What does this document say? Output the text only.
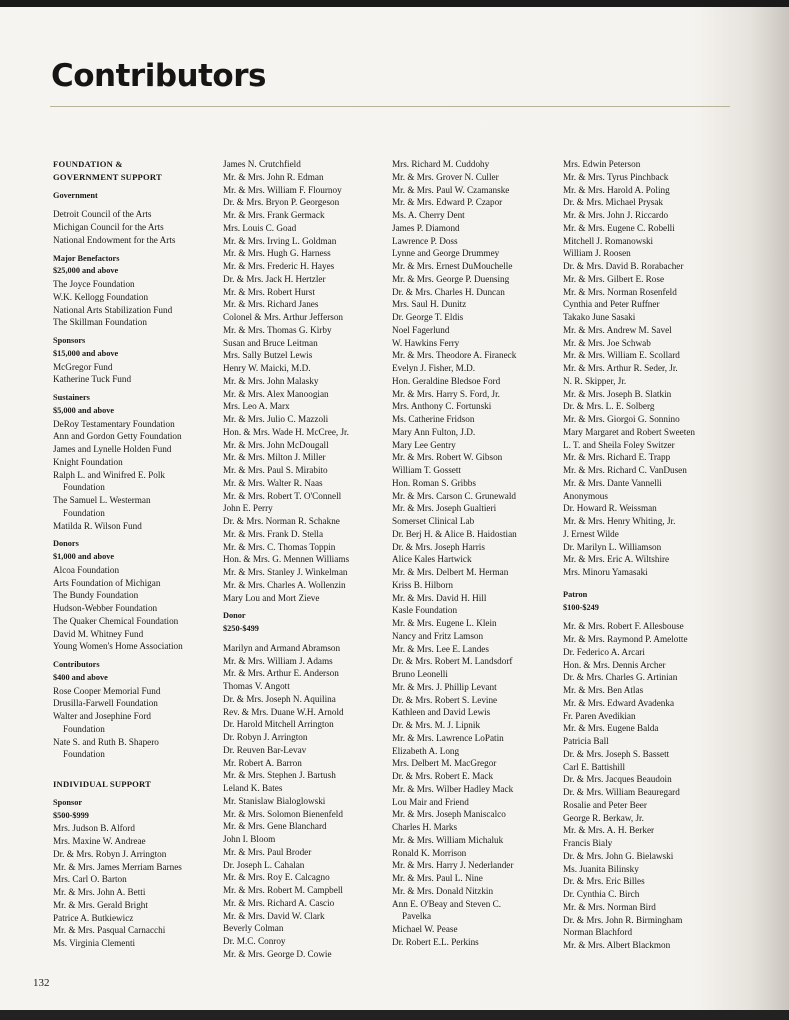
Contributors
FOUNDATION &
GOVERNMENT SUPPORT
Government
Detroit Council of the Arts
Michigan Council for the Arts
National Endowment for the Arts
Major Benefactors
$25,000 and above
The Joyce Foundation
W.K. Kellogg Foundation
National Arts Stabilization Fund
The Skillman Foundation
Sponsors
$15,000 and above
McGregor Fund
Katherine Tuck Fund
Sustainers
$5,000 and above
DeRoy Testamentary Foundation
Ann and Gordon Getty Foundation
James and Lynelle Holden Fund
Knight Foundation
Ralph L. and Winifred E. Polk
Foundation
The Samuel L. Westerman
Foundation
Matilda R. Wilson Fund
Donors
$1,000 and above
Alcoa Foundation
Arts Foundation of Michigan
The Bundy Foundation
Hudson-Webber Foundation
The Quaker Chemical Foundation
David M. Whitney Fund
Young Women's Home Association
Contributors
$400 and above
Rose Cooper Memorial Fund
Drusilla-Farwell Foundation
Walter and Josephine Ford
Foundation
Nate S. and Ruth B. Shapero
Foundation
INDIVIDUAL SUPPORT
Sponsor
$500-$999
Mrs. Judson B. Alford
Mrs. Maxine W. Andreae
Dr. & Mrs. Robyn J. Arrington
Mr. & Mrs. James Merriam Barnes
Mrs. Carl O. Barton
Mr. & Mrs. John A. Betti
Mr. & Mrs. Gerald Bright
Patrice A. Butkiewicz
Mr. & Mrs. Pasqual Carnacchi
Ms. Virginia Clementi
James N. Crutchfield
Mr. & Mrs. John R. Edman
Mr. & Mrs. William F. Flournoy
Dr. & Mrs. Bryon P. Georgeson
Mr. & Mrs. Frank Germack
Mrs. Louis C. Goad
Mr. & Mrs. Irving L. Goldman
Mr. & Mrs. Hugh G. Harness
Mr. & Mrs. Frederic H. Hayes
Dr. & Mrs. Jack H. Hertzler
Mr. & Mrs. Robert Hurst
Mr. & Mrs. Richard Janes
Colonel & Mrs. Arthur Jefferson
Mr. & Mrs. Thomas G. Kirby
Susan and Bruce Leitman
Mrs. Sally Butzel Lewis
Henry W. Maicki, M.D.
Mr. & Mrs. John Malasky
Mr. & Mrs. Alex Manoogian
Mrs. Leo A. Marx
Mr. & Mrs. Julio C. Mazzoli
Hon. & Mrs. Wade H. McCree, Jr.
Mr. & Mrs. John McDougall
Mr. & Mrs. Milton J. Miller
Mr. & Mrs. Paul S. Mirabito
Mr. & Mrs. Walter R. Naas
Mr. & Mrs. Robert T. O'Connell
John E. Perry
Dr. & Mrs. Norman R. Schakne
Mr. & Mrs. Frank D. Stella
Mr. & Mrs. C. Thomas Toppin
Hon. & Mrs. G. Mennen Williams
Mr. & Mrs. Stanley J. Winkelman
Mr. & Mrs. Charles A. Wollenzin
Mary Lou and Mort Zieve
Donor
$250-$499
Marilyn and Armand Abramson
Mr. & Mrs. William J. Adams
Mr. & Mrs. Arthur E. Anderson
Thomas V. Angott
Dr. & Mrs. Joseph N. Aquilina
Rev. & Mrs. Duane W.H. Arnold
Dr. Harold Mitchell Arrington
Dr. Robyn J. Arrington
Dr. Reuven Bar-Levav
Mr. Robert A. Barron
Mr. & Mrs. Stephen J. Bartush
Leland K. Bates
Mr. Stanislaw Bialoglowski
Mr. & Mrs. Solomon Bienenfeld
Mr. & Mrs. Gene Blanchard
John I. Bloom
Mr. & Mrs. Paul Broder
Dr. Joseph L. Cahalan
Mr. & Mrs. Roy E. Calcagno
Mr. & Mrs. Robert M. Campbell
Mr. & Mrs. Richard A. Cascio
Mr. & Mrs. David W. Clark
Beverly Colman
Dr. M.C. Conroy
Mr. & Mrs. George D. Cowie
Mrs. Richard M. Cuddohy
Mr. & Mrs. Grover N. Culler
Mr. & Mrs. Paul W. Czamanske
Mr. & Mrs. Edward P. Czapor
Ms. A. Cherry Dent
James P. Diamond
Lawrence P. Doss
Lynne and George Drummey
Mr. & Mrs. Ernest DuMouchelle
Mr. & Mrs. George P. Duensing
Dr. & Mrs. Charles H. Duncan
Mrs. Saul H. Dunitz
Dr. George T. Eldis
Noel Fagerlund
W. Hawkins Ferry
Mr. & Mrs. Theodore A. Firaneck
Evelyn J. Fisher, M.D.
Hon. Geraldine Bledsoe Ford
Mr. & Mrs. Harry S. Ford, Jr.
Mrs. Anthony C. Fortunski
Ms. Catherine Fridson
Mary Ann Fulton, J.D.
Mary Lee Gentry
Mr. & Mrs. Robert W. Gibson
William T. Gossett
Hon. Roman S. Gribbs
Mr. & Mrs. Carson C. Grunewald
Mr. & Mrs. Joseph Gualtieri
Somerset Clinical Lab
Dr. Berj H. & Alice B. Haidostian
Dr. & Mrs. Joseph Harris
Alice Kales Hartwick
Mr. & Mrs. Delbert M. Herman
Kriss B. Hilborn
Mr. & Mrs. David H. Hill
Kasle Foundation
Mr. & Mrs. Eugene L. Klein
Nancy and Fritz Lamson
Mr. & Mrs. Lee E. Landes
Dr. & Mrs. Robert M. Landsdorf
Bruno Leonelli
Mr. & Mrs. J. Phillip Levant
Dr. & Mrs. Robert S. Levine
Kathleen and David Lewis
Dr. & Mrs. M. J. Lipnik
Mr. & Mrs. Lawrence LoPatin
Elizabeth A. Long
Mrs. Delbert M. MacGregor
Dr. & Mrs. Robert E. Mack
Mr. & Mrs. Wilber Hadley Mack
Lou Mair and Friend
Mr. & Mrs. Joseph Maniscalco
Charles H. Marks
Mr. & Mrs. William Michaluk
Ronald K. Morrison
Mr. & Mrs. Harry J. Nederlander
Mr. & Mrs. Paul L. Nine
Mr. & Mrs. Donald Nitzkin
Ann E. O'Beay and Steven C.
Pavelka
Michael W. Pease
Dr. Robert E.L. Perkins
Mrs. Edwin Peterson
Mr. & Mrs. Tyrus Pinchback
Mr. & Mrs. Harold A. Poling
Dr. & Mrs. Michael Prysak
Mr. & Mrs. John J. Riccardo
Mr. & Mrs. Eugene C. Robelli
Mitchell J. Romanowski
William J. Roosen
Dr. & Mrs. David B. Rorabacher
Mr. & Mrs. Gilbert E. Rose
Mr. & Mrs. Norman Rosenfeld
Cynthia and Peter Ruffner
Takako June Sasaki
Mr. & Mrs. Andrew M. Savel
Mr. & Mrs. Joe Schwab
Mr. & Mrs. William E. Scollard
Mr. & Mrs. Arthur R. Seder, Jr.
N. R. Skipper, Jr.
Mr. & Mrs. Joseph B. Slatkin
Dr. & Mrs. L. E. Solberg
Mr. & Mrs. Giorgoi G. Sonnino
Mary Margaret and Robert Sweeten
L. T. and Sheila Foley Switzer
Mr. & Mrs. Richard E. Trapp
Mr. & Mrs. Richard C. VanDusen
Mr. & Mrs. Dante Vannelli
Anonymous
Dr. Howard R. Weissman
Mr. & Mrs. Henry Whiting, Jr.
J. Ernest Wilde
Dr. Marilyn L. Williamson
Mr. & Mrs. Eric A. Wiltshire
Mrs. Minoru Yamasaki
Patron
$100-$249
Mr. & Mrs. Robert F. Allesbouse
Mr. & Mrs. Raymond P. Amelotte
Dr. Federico A. Arcari
Hon. & Mrs. Dennis Archer
Dr. & Mrs. Charles G. Artinian
Mr. & Mrs. Ben Atlas
Mr. & Mrs. Edward Avadenka
Fr. Paren Avedikian
Mr. & Mrs. Eugene Balda
Patricia Ball
Dr. & Mrs. Joseph S. Bassett
Carl E. Battishill
Dr. & Mrs. Jacques Beaudoin
Dr. & Mrs. William Beauregard
Rosalie and Peter Beer
George R. Berkaw, Jr.
Mr. & Mrs. A. H. Berker
Francis Bialy
Dr. & Mrs. John G. Bielawski
Ms. Juanita Bilinsky
Dr. & Mrs. Eric Billes
Dr. Cynthia C. Birch
Mr. & Mrs. Norman Bird
Dr. & Mrs. John R. Birmingham
Norman Blachford
Mr. & Mrs. Albert Blackmon
132
